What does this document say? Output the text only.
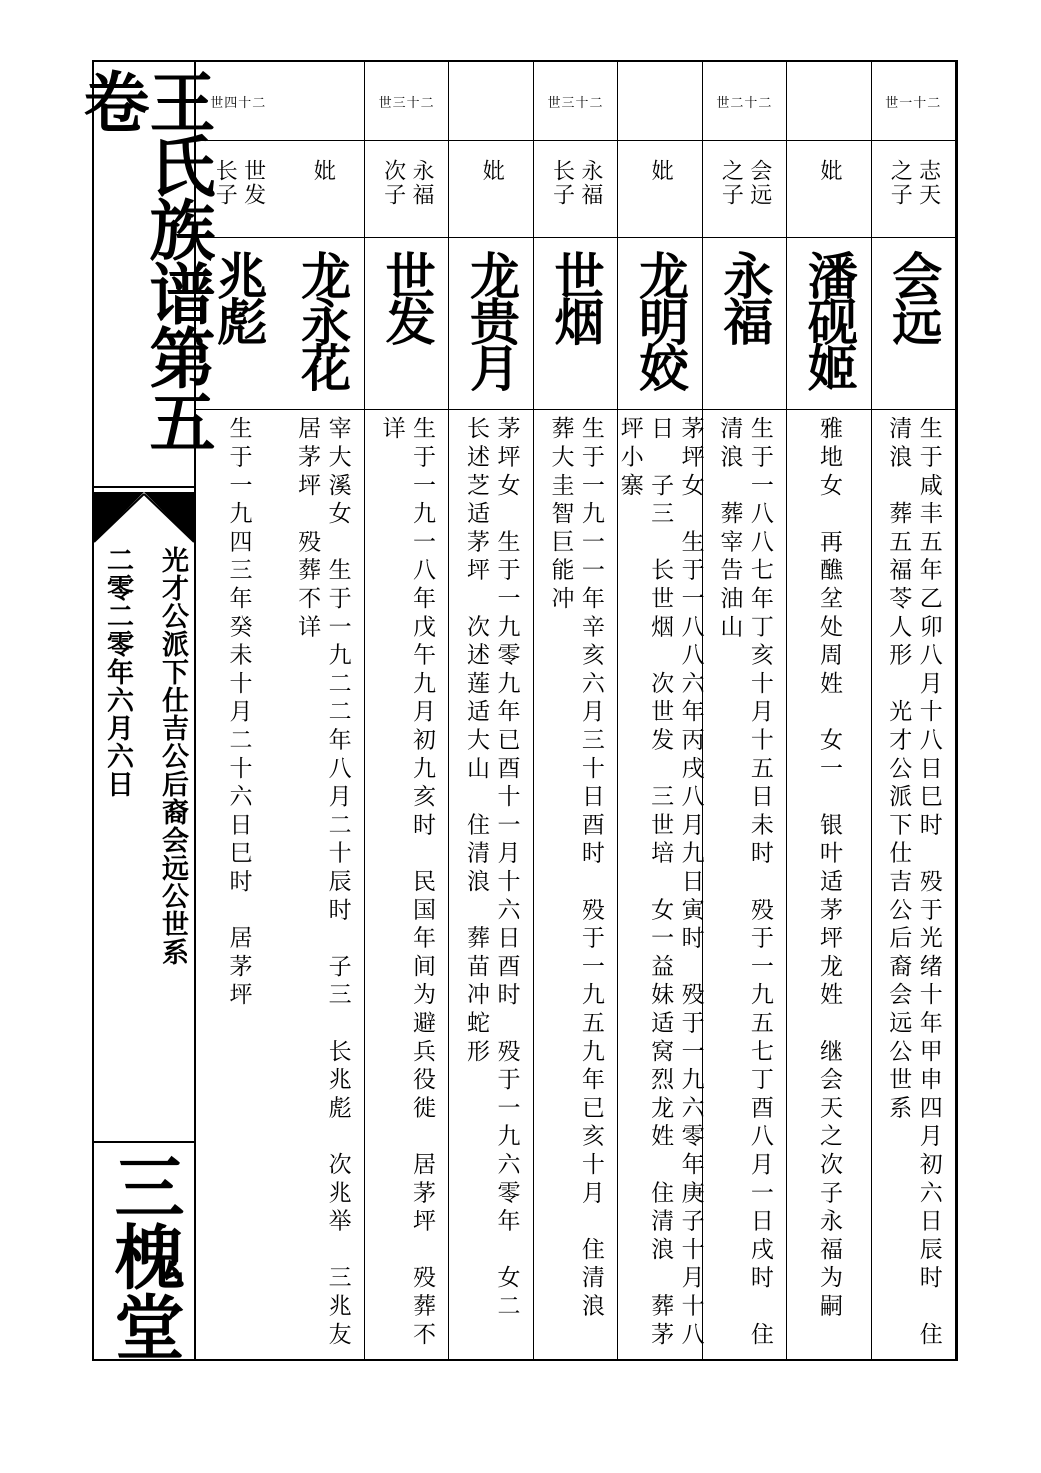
王氏族谱第五卷
光才公派下仕吉公后裔会远公世系
二零二零年六月六日
三槐堂
世一十二
志天
之子
会远
生于咸丰五年乙卯八月十八日巳时　殁于光绪十年甲申四月初六日辰时　住
清浪　葬五福苓人形　光才公派下仕吉公后裔会远公世系
妣
潘砚姬
雅地女　再醮坌处周姓　女一　银叶适茅坪龙姓　继会天之次子永福为嗣
世二十二
会远
之子
永福
生于一八八七年丁亥十月十五日未时　殁于一九五七丁酉八月一日戌时　住
清浪　葬宰告油山
妣
龙明姣
茅坪女　生于一八八六年丙戌八月九日寅时　殁于一九六零年庚子十月十八
日　子三　长世烟　次世发　三世培　女一益妹适窝烈龙姓　住清浪　葬茅
坪小寨
世三十二
永福
长子
世烟
生于一九一一年辛亥六月三十日酉时　殁于一九五九年已亥十月　住清浪
葬大圭智巨能冲
妣
龙贵月
茅坪女　生于一九零九年已酉十一月十六日酉时　殁于一九六零年　女二
长述芝适茅坪　次述莲适大山　住清浪　葬苗冲蛇形
世三十二
永福
次子
世发
生于一九一八年戊午九月初九亥时　民国年间为避兵役徙　居茅坪　殁葬不
详
妣
龙永花
宰大溪女　生于一九二二年八月二十辰时　子三　长兆彪　次兆举　三兆友
居茅坪　殁葬不详
世四十二
世发
长子
兆彪
生于一九四三年癸未十月二十六日巳时　居茅坪
